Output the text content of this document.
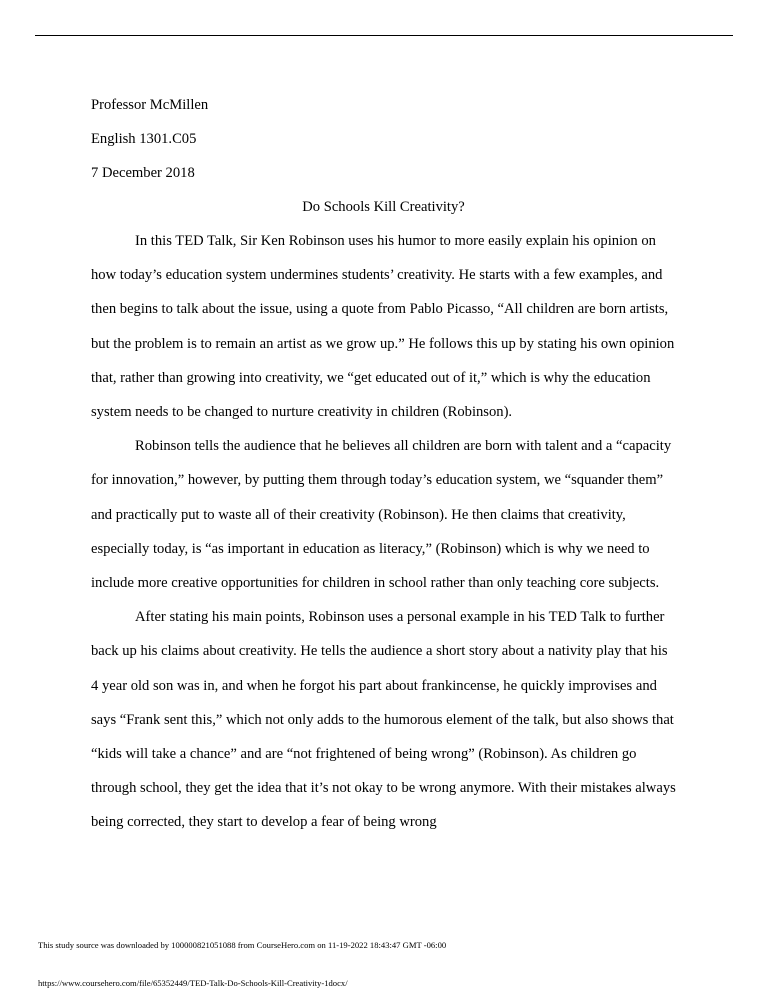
Professor McMillen

English 1301.C05

7 December 2018

Do Schools Kill Creativity?

In this TED Talk, Sir Ken Robinson uses his humor to more easily explain his opinion on how today’s education system undermines students’ creativity. He starts with a few examples, and then begins to talk about the issue, using a quote from Pablo Picasso, “All children are born artists, but the problem is to remain an artist as we grow up.” He follows this up by stating his own opinion that, rather than growing into creativity, we “get educated out of it,” which is why the education system needs to be changed to nurture creativity in children (Robinson).

Robinson tells the audience that he believes all children are born with talent and a “capacity for innovation,” however, by putting them through today’s education system, we “squander them” and practically put to waste all of their creativity (Robinson). He then claims that creativity, especially today, is “as important in education as literacy,” (Robinson) which is why we need to include more creative opportunities for children in school rather than only teaching core subjects.

After stating his main points, Robinson uses a personal example in his TED Talk to further back up his claims about creativity. He tells the audience a short story about a nativity play that his 4 year old son was in, and when he forgot his part about frankincense, he quickly improvises and says “Frank sent this,” which not only adds to the humorous element of the talk, but also shows that “kids will take a chance” and are “not frightened of being wrong” (Robinson). As children go through school, they get the idea that it’s not okay to be wrong anymore. With their mistakes always being corrected, they start to develop a fear of being wrong

This study source was downloaded by 100000821051088 from CourseHero.com on 11-19-2022 18:43:47 GMT -06:00
https://www.coursehero.com/file/65352449/TED-Talk-Do-Schools-Kill-Creativity-1docx/
